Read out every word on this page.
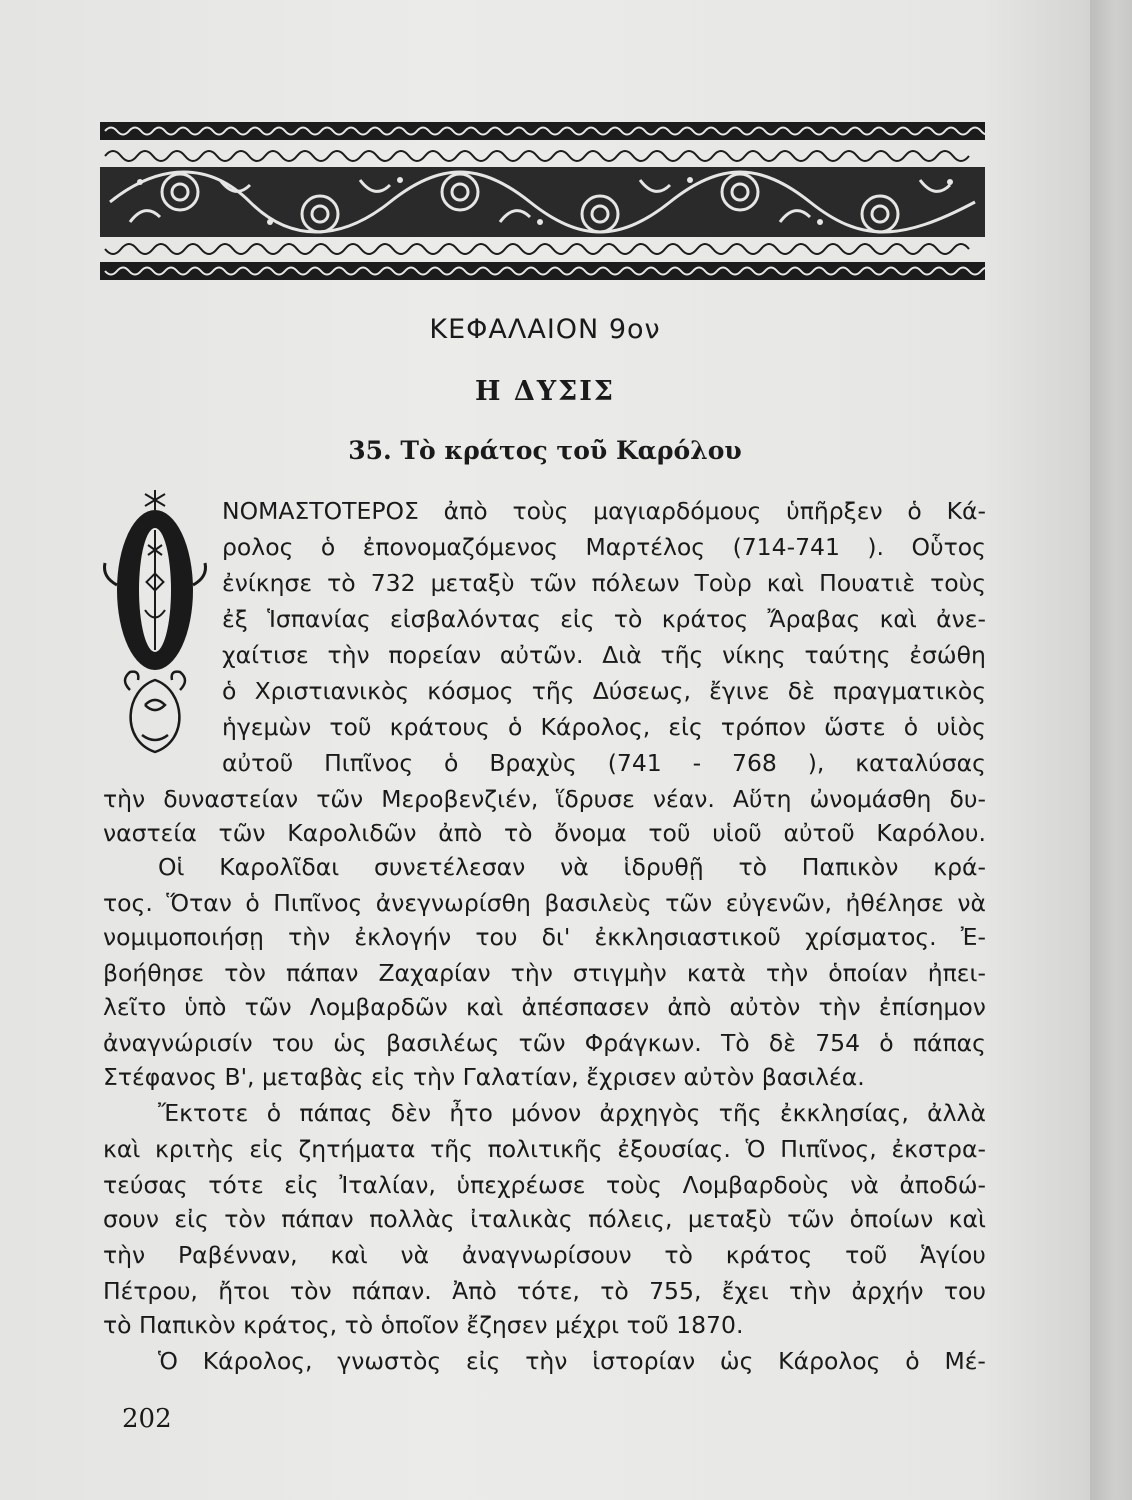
ΚΕΦΑΛΑΙΟΝ 9ον
Η ΔΥΣΙΣ
35. Τὸ κράτος τοῦ Καρόλου
ΝΟΜΑΣΤΟΤΕΡΟΣ ἀπὸ τοὺς μαγιαρδόμους ὑπῆρξεν ὁ Κά-
ρολος ὁ ἐπονομαζόμενος Μαρτέλος (714-741 ). Οὗτος
ἐνίκησε τὸ 732 μεταξὺ τῶν πόλεων Τοὺρ καὶ Πουατιὲ τοὺς
ἐξ Ἱσπανίας εἰσβαλόντας εἰς τὸ κράτος Ἄραβας καὶ ἀνε-
χαίτισε τὴν πορείαν αὐτῶν. Διὰ τῆς νίκης ταύτης ἐσώθη
ὁ Χριστιανικὸς κόσμος τῆς Δύσεως, ἔγινε δὲ πραγματικὸς
ἡγεμὼν τοῦ κράτους ὁ Κάρολος, εἰς τρόπον ὥστε ὁ υἱὸς
αὐτοῦ Πιπῖνος ὁ Βραχὺς (741 - 768 ), καταλύσας
τὴν δυναστείαν τῶν Μεροβενζιέν, ἵδρυσε νέαν. Αὕτη ὠνομάσθη δυ-
ναστεία τῶν Καρολιδῶν ἀπὸ τὸ ὄνομα τοῦ υἱοῦ αὐτοῦ Καρόλου.
Οἱ Καρολῖδαι συνετέλεσαν νὰ ἱδρυθῇ τὸ Παπικὸν κρά-
τος. Ὅταν ὁ Πιπῖνος ἀνεγνωρίσθη βασιλεὺς τῶν εὐγενῶν, ἠθέλησε νὰ
νομιμοποιήσῃ τὴν ἐκλογήν του δι' ἐκκλησιαστικοῦ χρίσματος. Ἐ-
βοήθησε τὸν πάπαν Ζαχαρίαν τὴν στιγμὴν κατὰ τὴν ὁποίαν ἠπει-
λεῖτο ὑπὸ τῶν Λομβαρδῶν καὶ ἀπέσπασεν ἀπὸ αὐτὸν τὴν ἐπίσημον
ἀναγνώρισίν του ὡς βασιλέως τῶν Φράγκων. Τὸ δὲ 754 ὁ πάπας
Στέφανος Β', μεταβὰς εἰς τὴν Γαλατίαν, ἔχρισεν αὐτὸν βασιλέα.
Ἔκτοτε ὁ πάπας δὲν ἦτο μόνον ἀρχηγὸς τῆς ἐκκλησίας, ἀλλὰ
καὶ κριτὴς εἰς ζητήματα τῆς πολιτικῆς ἐξουσίας. Ὁ Πιπῖνος, ἐκστρα-
τεύσας τότε εἰς Ἰταλίαν, ὑπεχρέωσε τοὺς Λομβαρδοὺς νὰ ἀποδώ-
σουν εἰς τὸν πάπαν πολλὰς ἰταλικὰς πόλεις, μεταξὺ τῶν ὁποίων καὶ
τὴν Ραβένναν, καὶ νὰ ἀναγνωρίσουν τὸ κράτος τοῦ Ἁγίου
Πέτρου, ἤτοι τὸν πάπαν. Ἀπὸ τότε, τὸ 755, ἔχει τὴν ἀρχήν του
τὸ Παπικὸν κράτος, τὸ ὁποῖον ἔζησεν μέχρι τοῦ 1870.
Ὁ Κάρολος, γνωστὸς εἰς τὴν ἱστορίαν ὡς Κάρολος ὁ Μέ-
202
